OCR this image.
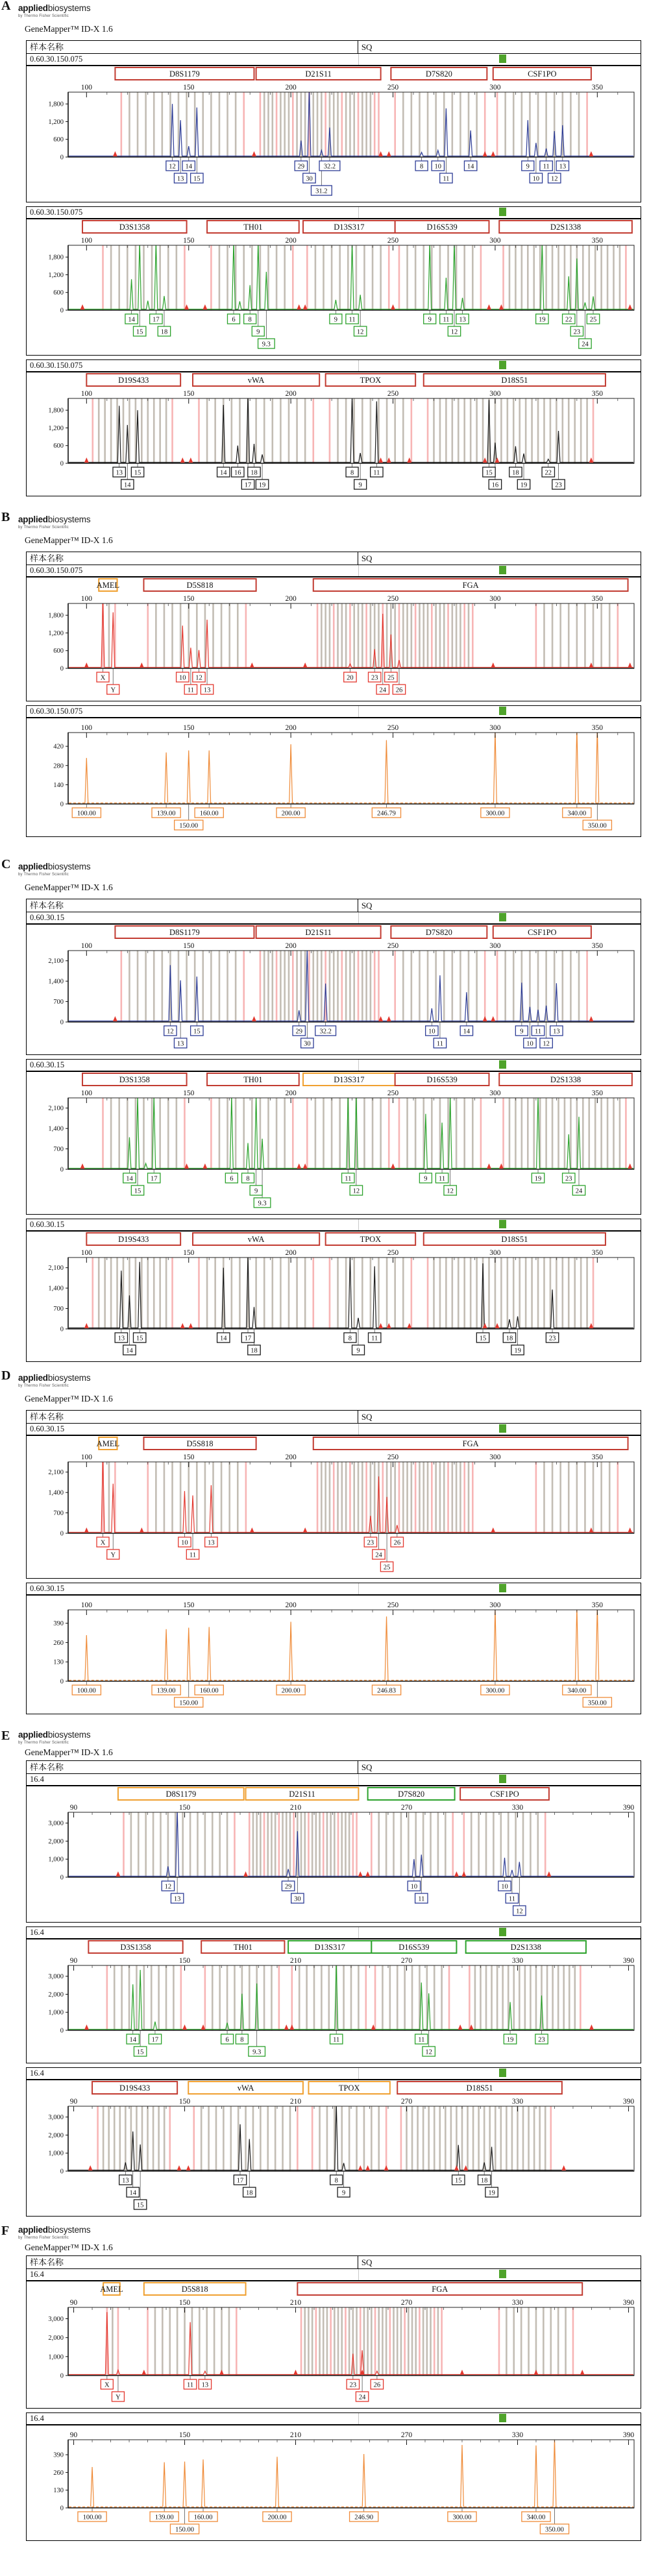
A appliedbiosystems
by Thermo Fisher Scientific
GeneMapper™ ID-X 1.6
样本名称	SQ
0.60.30.150.075
100	150	200	250	300	350
0
600
1,200
1,800
D8S1179	D21S11	D7S820	CSF1PO
12 14
13 15
29	32.2
30
31.2
8 10	14
11
9 11 13
10 12
0.60.30.150.075
100	150	200	250	300	350
0
600
1,200
1,800
D3S1358	TH01	D13S317	D16S539	D2S1338
14	17
15	18
6 8
9
9.3
9 11
12
9 11 13
12
19	22	25
23
24
0.60.30.150.075
100	150	200	250	300	350
0
600
1,200
1,800
D19S433	vWA	TPOX	D18S51
13 15
14
14 16 18
17 19
8	11
9
15	18	22
16	19	23
B appliedbiosystems
by Thermo Fisher Scientific
GeneMapper™ ID-X 1.6
样本名称	SQ
0.60.30.150.075
100	150	200	250	300	350
0
600
1,200
1,800
AMEL	D5S818	FGA
X
Y
10 12
11 13
20	23 25
24 26
0.60.30.150.075
100	150	200	250	300	350
0
140
280
420
100.00	139.00	160.00	200.00	246.79	300.00	340.00
150.00	350.00
C appliedbiosystems
by Thermo Fisher Scientific
GeneMapper™ ID-X 1.6
样本名称	SQ
0.60.30.15
100	150	200	250	300	350
0
700
1,400
2,100
D8S1179	D21S11	D7S820	CSF1PO
12	15
13
29	32.2
30
10	14
11
9 11 13
10 12
0.60.30.15
100	150	200	250	300	350
0
700
1,400
2,100
D3S1358	TH01	D13S317	D16S539	D2S1338
14	17
15
6 8
9
9.3
11
12
9 11
12
19	23
24
0.60.30.15
100	150	200	250	300	350
0
700
1,400
2,100
D19S433	vWA	TPOX	D18S51
13 15
14
14	17
18
8	11
9
15	18	23
19
D appliedbiosystems
by Thermo Fisher Scientific
GeneMapper™ ID-X 1.6
样本名称	SQ
0.60.30.15
100	150	200	250	300	350
0
700
1,400
2,100
AMEL	D5S818	FGA
X
Y
10	13
11
23	26
24
25
0.60.30.15
100	150	200	250	300	350
0
130
260
390
100.00	139.00	160.00	200.00	246.83	300.00	340.00
150.00	350.00
E appliedbiosystems
by Thermo Fisher Scientific
GeneMapper™ ID-X 1.6
样本名称	SQ
16.4
90	150	210	270	330	390
0
1,000
2,000
3,000
D8S1179	D21S11	D7S820	CSF1PO
12
13
29
30
10
11
10
11
12
16.4
90	150	210	270	330	390
0
1,000
2,000
3,000
D3S1358	TH01	D13S317	D16S539	D2S1338
14 17
15
6 8
9.3
11	11
12
19	23
16.4
90	150	210	270	330	390
0
1,000
2,000
3,000
D19S433	vWA	TPOX	D18S51
13
14
15
17
18
8
9
15	18
19
F appliedbiosystems
by Thermo Fisher Scientific
GeneMapper™ ID-X 1.6
样本名称	SQ
16.4
90	150	210	270	330	390
0
1,000
2,000
3,000
AMEL	D5S818	FGA
X
Y
11 13	23	26
24
16.4
90	150	210	270	330	390
0
130
260
390
100.00	139.00	160.00	200.00	246.90	300.00	340.00
150.00	350.00
